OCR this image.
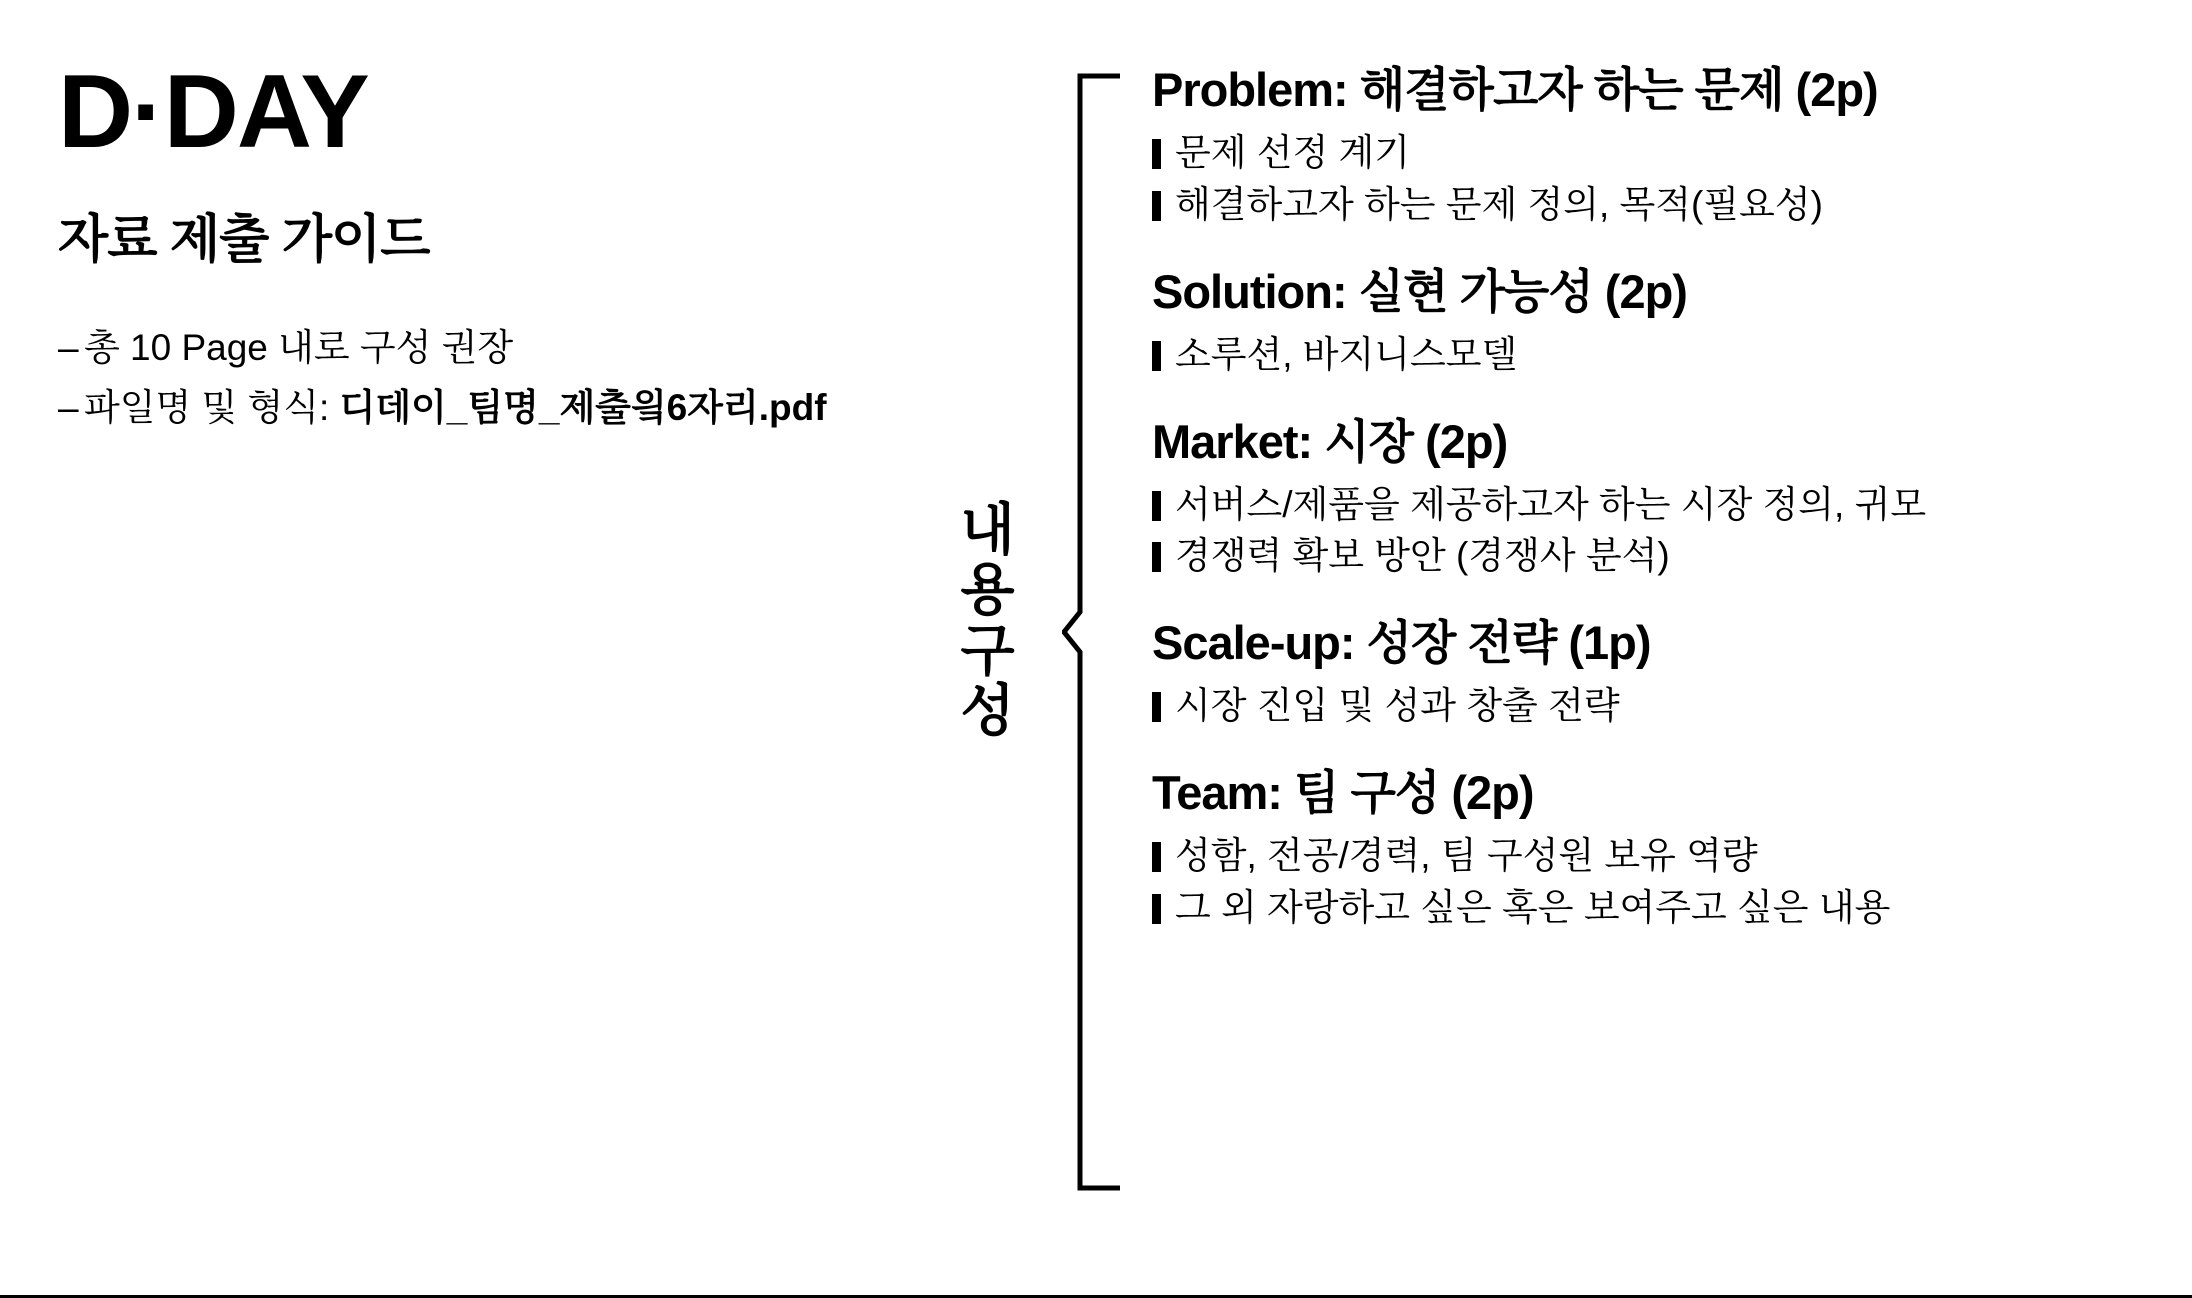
D·DAY
자료 제출 가이드
– 총 10 Page 내로 구성 권장
– 파일명 및 형식: 디데이_팀명_제출읰6자리.pdf
내
용
구
성
Problem: 해결하고자 하는 문제 (2p)
문제 선정 계기
해결하고자 하는 문제 정의, 목적(필요성)
Solution: 실현 가능성 (2p)
소루션, 바지니스모델
Market: 시장 (2p)
서버스/제품을 제공하고자 하는 시장 정의, 귀모
경쟁력 확보 방안 (경쟁사 분석)
Scale-up: 성장 전략 (1p)
시장 진입 및 성과 창출 전략
Team: 팀 구성 (2p)
성함, 전공/경력, 팀 구성원 보유 역량
그 외 자랑하고 싶은 혹은 보여주고 싶은 내용
